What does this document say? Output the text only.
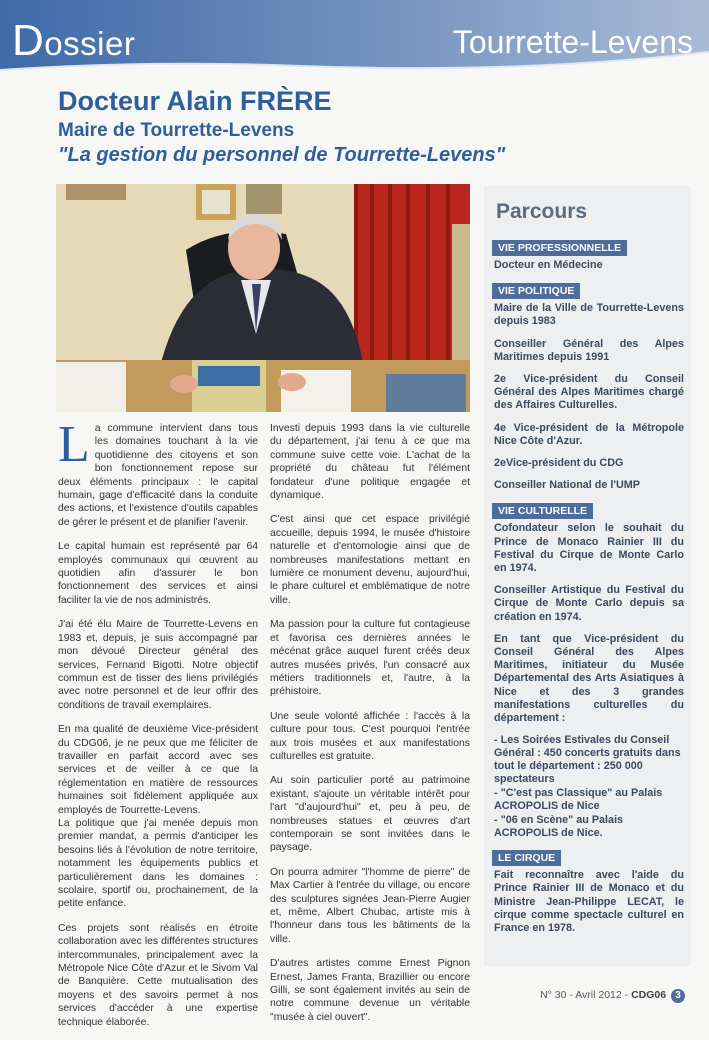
Dossier	Tourrette-Levens
Docteur Alain FRÈRE
Maire de Tourrette-Levens
"La gestion du personnel de Tourrette-Levens"

La commune intervient dans tous les domaines touchant à la vie quotidienne des citoyens et son bon fonctionnement repose sur deux éléments principaux : le capital humain, gage d'efficacité dans la conduite des actions, et l'existence d'outils capables de gérer le présent et de planifier l'avenir.

Le capital humain est représenté par 64 employés communaux qui œuvrent au quotidien afin d'assurer le bon fonctionnement des services et ainsi faciliter la vie de nos administrés.

J'ai été élu Maire de Tourrette-Levens en 1983 et, depuis, je suis accompagné par mon dévoué Directeur général des services, Fernand Bigotti. Notre objectif commun est de tisser des liens privilégiés avec notre personnel et de leur offrir des conditions de travail exemplaires.

En ma qualité de deuxième Vice-président du CDG06, je ne peux que me féliciter de travailler en parfait accord avec ses services et de veiller à ce que la réglementation en matière de ressources humaines soit fidèlement appliquée aux employés de Tourrette-Levens.

La politique que j'ai menée depuis mon premier mandat, a permis d'anticiper les besoins liés à l'évolution de notre territoire, notamment les équipements publics et particulièrement dans les domaines : scolaire, sportif ou, prochainement, de la petite enfance.

Ces projets sont réalisés en étroite collaboration avec les différentes structures intercommunales, principalement avec la Métropole Nice Côte d'Azur et le Sivom Val de Banquière. Cette mutualisation des moyens et des savoirs permet à nos services d'accéder à une expertise technique élaborée.

Investi depuis 1993 dans la vie culturelle du département, j'ai tenu à ce que ma commune suive cette voie. L'achat de la propriété du château fut l'élément fondateur d'une politique engagée et dynamique.

C'est ainsi que cet espace privilégié accueille, depuis 1994, le musée d'histoire naturelle et d'entomologie ainsi que de nombreuses manifestations mettant en lumière ce monument devenu, aujourd'hui, le phare culturel et emblématique de notre ville.

Ma passion pour la culture fut contagieuse et favorisa ces dernières années le mécénat grâce auquel furent créés deux autres musées privés, l'un consacré aux métiers traditionnels et, l'autre, à la préhistoire.

Une seule volonté affichée : l'accès à la culture pour tous. C'est pourquoi l'entrée aux trois musées et aux manifestations culturelles est gratuite.

Au soin particulier porté au patrimoine existant, s'ajoute un véritable intérêt pour l'art "d'aujourd'hui" et, peu à peu, de nombreuses statues et œuvres d'art contemporain se sont invitées dans le paysage.

On pourra admirer "l'homme de pierre" de Max Cartier à l'entrée du village, ou encore des sculptures signées Jean-Pierre Augier et, même, Albert Chubac, artiste mis à l'honneur dans tous les bâtiments de la ville.

D'autres artistes comme Ernest Pignon Ernest, James Franta, Brazillier ou encore Gilli, se sont également invités au sein de notre commune devenue un véritable "musée à ciel ouvert".

Parcours
VIE PROFESSIONNELLE

Docteur en Médecine

VIE POLITIQUE

Maire de la Ville de Tourrette-Levens depuis 1983

Conseiller Général des Alpes Maritimes depuis 1991

2e Vice-président du Conseil Général des Alpes Maritimes chargé des Affaires Culturelles.

4e Vice-président de la Métropole Nice Côte d'Azur.

2eVice-président du CDG

Conseiller National de l'UMP

VIE CULTURELLE

Cofondateur selon le souhait du Prince de Monaco Rainier III du Festival du Cirque de Monte Carlo en 1974.

Conseiller Artistique du Festival du Cirque de Monte Carlo depuis sa création en 1974.

En tant que Vice-président du Conseil Général des Alpes Maritimes, initiateur du Musée Départemental des Arts Asiatiques à Nice et des 3 grandes manifestations culturelles du département :

- Les Soirées Estivales du Conseil Général : 450 concerts gratuits dans tout le département : 250 000 spectateurs
- "C'est pas Classique" au Palais ACROPOLIS de Nice
- "06 en Scène" au Palais ACROPOLIS de Nice.
LE CIRQUE

Fait reconnaître avec l'aide du Prince Rainier III de Monaco et du Ministre Jean-Philippe LECAT, le cirque comme spectacle culturel en France en 1978.

N° 30 - Avril 2012 - CDG06 3
